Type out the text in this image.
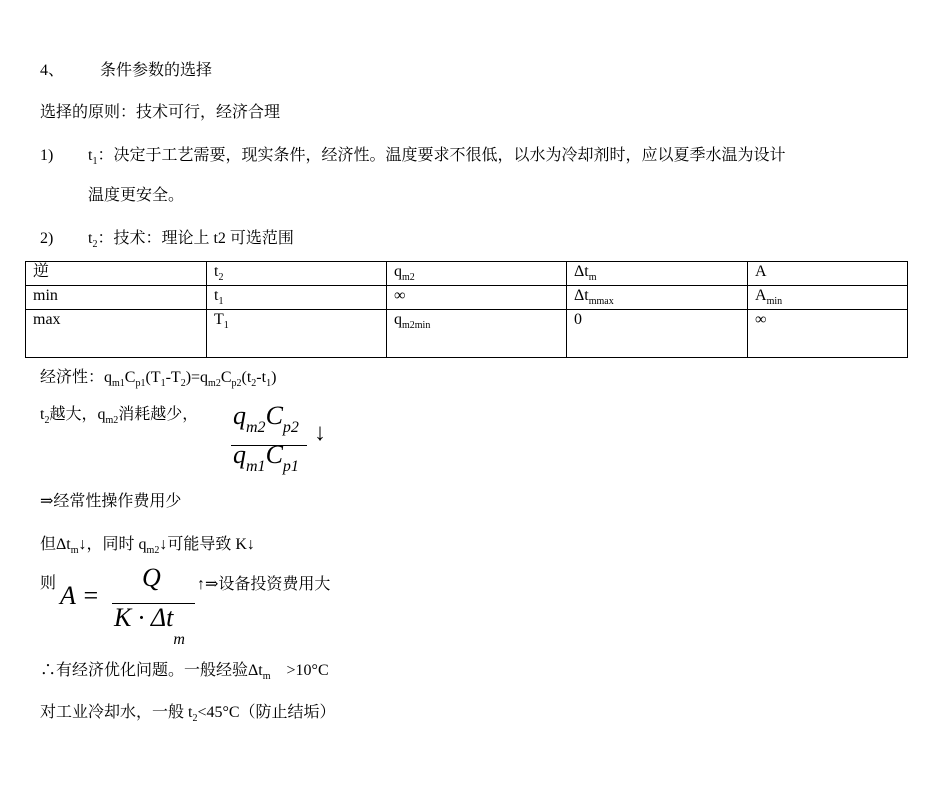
4、 条件参数的选择
选择的原则：技术可行，经济合理
1) $t_1$：决定于工艺需要，现实条件，经济性。温度要求不很低，以水为冷却剂时，应以夏季水温为设计
温度更安全。
2) $t_2$：技术：理论上 t2 可选范围
逆	$t_2$	$q_{m2}$	$\Delta t_m$	A
min	$t_1$	∞	$\Delta t_{mmax}$	$A_{min}$
max	$T_1$	$q_{m2min}$	0	∞
经济性：$q_{m1}C_{p1}(T_1-T_2)=q_{m2}C_{p2}(t_2-t_1)$
$t_2$越大，$q_{m2}$消耗越少， $q_{m2}C_{p2}$
$q_{m1}C_{p1}$
↓
⇒经常性操作费用少
但$\Delta t_m↓$，同时 $q_{m2}↓$可能导致 K↓
则 A =
Q
$K \cdot \Delta t_m$
↑⇒设备投资费用大
∴有经济优化问题。一般经验$\Delta t_m >10^\circ C$
对工业冷却水，一般 $t_2<45^\circ C$（防止结垢）
